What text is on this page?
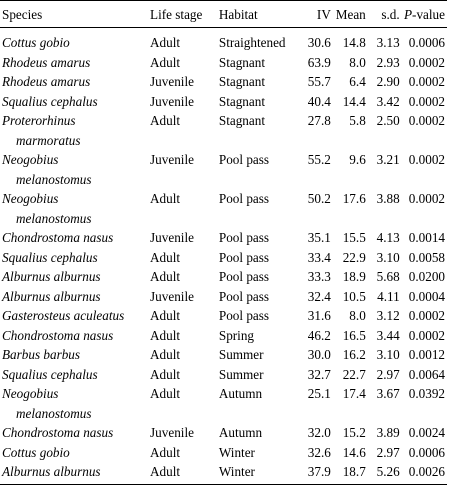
Species	Life stage	Habitat	IV	Mean	s.d.	P-value

Cottus gobio	Adult	Straightened	30.6	14.8	3.13	0.0006

Rhodeus amarus	Adult	Stagnant	63.9	8.0	2.93	0.0002

Rhodeus amarus	Juvenile	Stagnant	55.7	6.4	2.90	0.0002

Squalius cephalus	Juvenile	Stagnant	40.4	14.4	3.42	0.0002

Proterorhinus
marmoratus	Adult	Stagnant	27.8	5.8	2.50	0.0002

Neogobius
melanostomus	Juvenile	Pool pass	55.2	9.6	3.21	0.0002

Neogobius
melanostomus	Adult	Pool pass	50.2	17.6	3.88	0.0002

Chondrostoma nasus	Juvenile	Pool pass	35.1	15.5	4.13	0.0014

Squalius cephalus	Adult	Pool pass	33.4	22.9	3.10	0.0058

Alburnus alburnus	Adult	Pool pass	33.3	18.9	5.68	0.0200

Alburnus alburnus	Juvenile	Pool pass	32.4	10.5	4.11	0.0004

Gasterosteus aculeatus	Adult	Pool pass	31.6	8.0	3.12	0.0002

Chondrostoma nasus	Adult	Spring	46.2	16.5	3.44	0.0002

Barbus barbus	Adult	Summer	30.0	16.2	3.10	0.0012

Squalius cephalus	Adult	Summer	32.7	22.7	2.97	0.0064

Neogobius
melanostomus	Adult	Autumn	25.1	17.4	3.67	0.0392

Chondrostoma nasus	Juvenile	Autumn	32.0	15.2	3.89	0.0024

Cottus gobio	Adult	Winter	32.6	14.6	2.97	0.0006

Alburnus alburnus	Adult	Winter	37.9	18.7	5.26	0.0026
